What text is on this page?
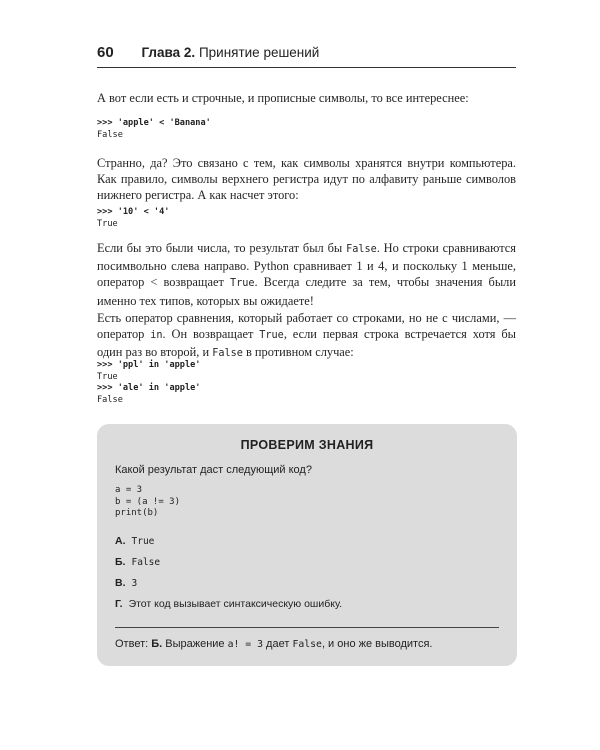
60 Глава 2. Принятие решений

А вот если есть и строчные, и прописные символы, то все интереснее:

>>> 'apple' < 'Banana'
False

Странно, да? Это связано с тем, как символы хранятся внутри компьютера. Как правило, символы верхнего регистра идут по алфавиту раньше символов нижнего регистра. А как насчет этого:

>>> '10' < '4'
True

Если бы это были числа, то результат был бы False. Но строки сравниваются посимвольно слева направо. Python сравнивает 1 и 4, и поскольку 1 меньше, оператор < возвращает True. Всегда следите за тем, чтобы значения были именно тех типов, которых вы ожидаете!

Есть оператор сравнения, который работает со строками, но не с числами, — оператор in. Он возвращает True, если первая строка встречается хотя бы один раз во второй, и False в противном случае:

>>> 'ppl' in 'apple'
True
>>> 'ale' in 'apple'
False
ПРОВЕРИМ ЗНАНИЯ
Какой результат даст следующий код?
a = 3
b = (a != 3)
print(b)
А. True
Б. False
В. 3
Г. Этот код вызывает синтаксическую ошибку.
Ответ: Б. Выражение a! = 3 дает False, и оно же выводится.
